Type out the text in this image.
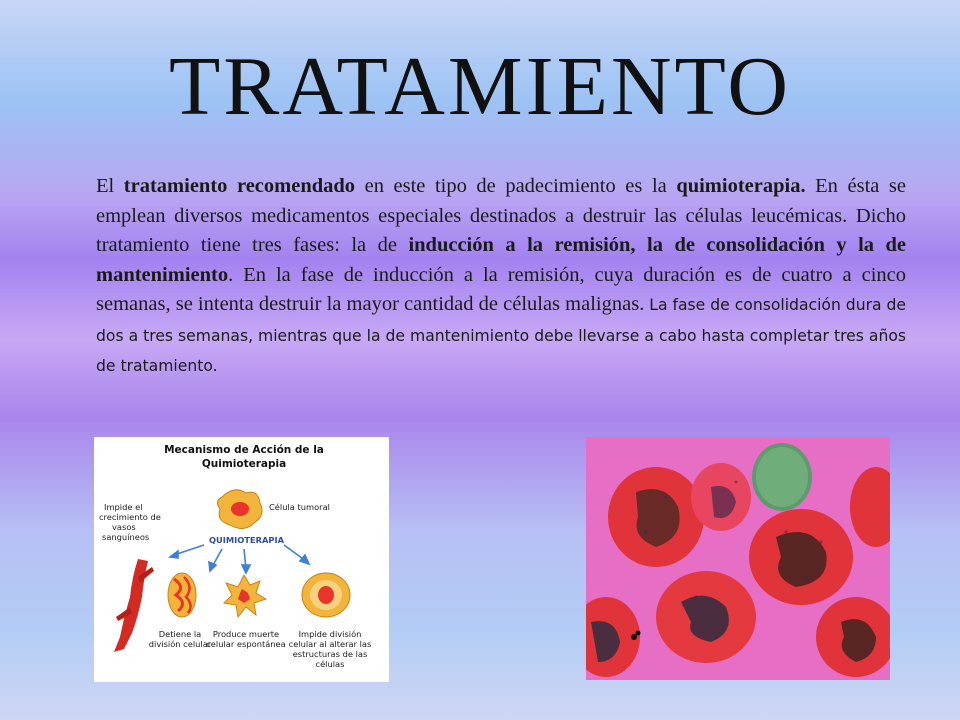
TRATAMIENTO

El tratamiento recomendado en este tipo de padecimiento es la quimioterapia. En ésta se emplean diversos medicamentos especiales destinados a destruir las células leucémicas. Dicho tratamiento tiene tres fases: la de inducción a la remisión, la de consolidación y la de mantenimiento. En la fase de inducción a la remisión, cuya duración es de cuatro a cinco semanas, se intenta destruir la mayor cantidad de células malignas. La fase de consolidación dura de dos a tres semanas, mientras que la de mantenimiento debe llevarse a cabo hasta completar tres años de tratamiento.

Mecanismo de Acción de la
Quimioterapia
Célula tumoral
QUIMIOTERAPIA
Impide el
crecimiento de
vasos
sanguíneos
Detiene la
división celular
Produce muerte
celular espontánea
Impide división
celular al alterar las
estructuras de las
células
